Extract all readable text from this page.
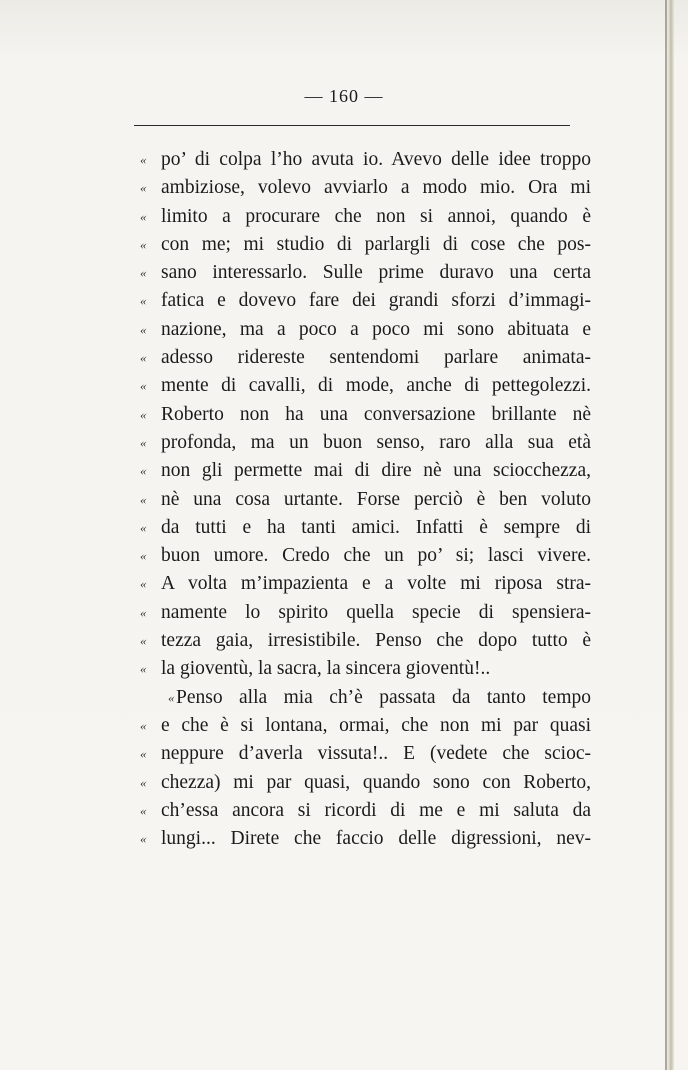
— 160 —
« po’ di colpa l’ho avuta io. Avevo delle idee troppo
« ambiziose, volevo avviarlo a modo mio. Ora mi
« limito a procurare che non si annoi, quando è
« con me; mi studio di parlargli di cose che pos-
« sano interessarlo. Sulle prime duravo una certa
« fatica e dovevo fare dei grandi sforzi d’immagi-
« nazione, ma a poco a poco mi sono abituata e
« adesso ridereste sentendomi parlare animata-
« mente di cavalli, di mode, anche di pettegolezzi.
« Roberto non ha una conversazione brillante nè
« profonda, ma un buon senso, raro alla sua età
« non gli permette mai di dire nè una sciocchezza,
« nè una cosa urtante. Forse perciò è ben voluto
« da tutti e ha tanti amici. Infatti è sempre di
« buon umore. Credo che un po’ si; lasci vivere.
« A volta m’impazienta e a volte mi riposa stra-
« namente lo spirito quella specie di spensiera-
« tezza gaia, irresistibile. Penso che dopo tutto è
« la gioventù, la sacra, la sincera gioventù!..
« Penso alla mia ch’è passata da tanto tempo
« e che è si lontana, ormai, che non mi par quasi
« neppure d’averla vissuta!.. E (vedete che scioc-
« chezza) mi par quasi, quando sono con Roberto,
« ch’essa ancora si ricordi di me e mi saluta da
« lungi... Direte che faccio delle digressioni, nev-
